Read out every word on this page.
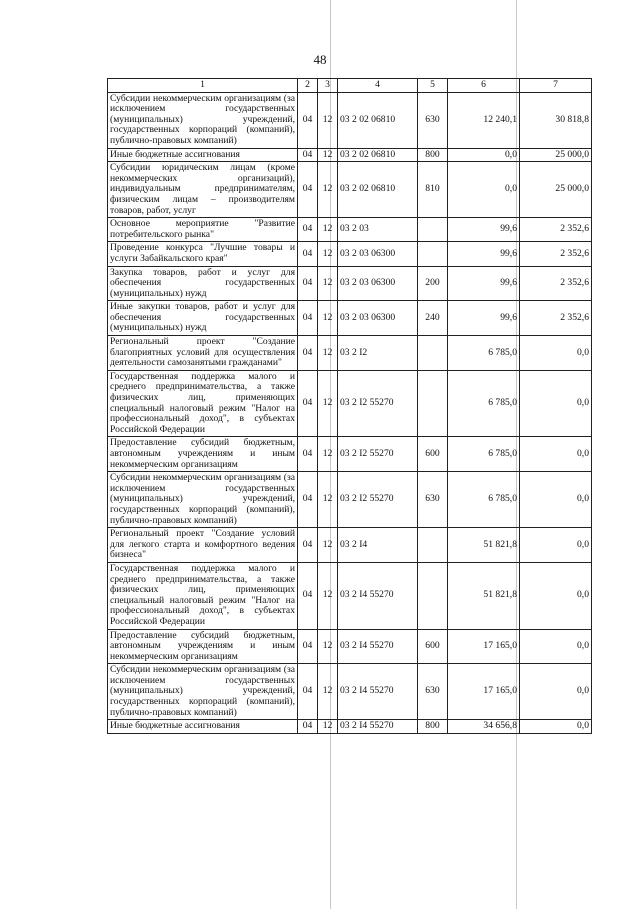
48
1	2	3	4	5	6	7
Субсидии некоммерческим организациям (за исключением государственных (муниципальных) учреждений, государственных корпораций (компаний), публично-правовых компаний)	04	12	03 2 02 06810	630	12 240,1	30 818,8
Иные бюджетные ассигнования	04	12	03 2 02 06810	800	0,0	25 000,0
Субсидии юридическим лицам (кроме некоммерческих организаций), индивидуальным предпринимателям, физическим лицам – производителям товаров, работ, услуг	04	12	03 2 02 06810	810	0,0	25 000,0
Основное мероприятие "Развитие потребительского рынка"	04	12	03 2 03		99,6	2 352,6
Проведение конкурса "Лучшие товары и услуги Забайкальского края"	04	12	03 2 03 06300		99,6	2 352,6
Закупка товаров, работ и услуг для обеспечения государственных (муниципальных) нужд	04	12	03 2 03 06300	200	99,6	2 352,6
Иные закупки товаров, работ и услуг для обеспечения государственных (муниципальных) нужд	04	12	03 2 03 06300	240	99,6	2 352,6
Региональный проект "Создание благоприятных условий для осуществления деятельности самозанятыми гражданами"	04	12	03 2 I2		6 785,0	0,0
Государственная поддержка малого и среднего предпринимательства, а также физических лиц, применяющих специальный налоговый режим "Налог на профессиональный доход", в субъектах Российской Федерации	04	12	03 2 I2 55270		6 785,0	0,0
Предоставление субсидий бюджетным, автономным учреждениям и иным некоммерческим организациям	04	12	03 2 I2 55270	600	6 785,0	0,0
Субсидии некоммерческим организациям (за исключением государственных (муниципальных) учреждений, государственных корпораций (компаний), публично-правовых компаний)	04	12	03 2 I2 55270	630	6 785,0	0,0
Региональный проект "Создание условий для легкого старта и комфортного ведения бизнеса"	04	12	03 2 I4		51 821,8	0,0
Государственная поддержка малого и среднего предпринимательства, а также физических лиц, применяющих специальный налоговый режим "Налог на профессиональный доход", в субъектах Российской Федерации	04	12	03 2 I4 55270		51 821,8	0,0
Предоставление субсидий бюджетным, автономным учреждениям и иным некоммерческим организациям	04	12	03 2 I4 55270	600	17 165,0	0,0
Субсидии некоммерческим организациям (за исключением государственных (муниципальных) учреждений, государственных корпораций (компаний), публично-правовых компаний)	04	12	03 2 I4 55270	630	17 165,0	0,0
Иные бюджетные ассигнования	04	12	03 2 I4 55270	800	34 656,8	0,0
